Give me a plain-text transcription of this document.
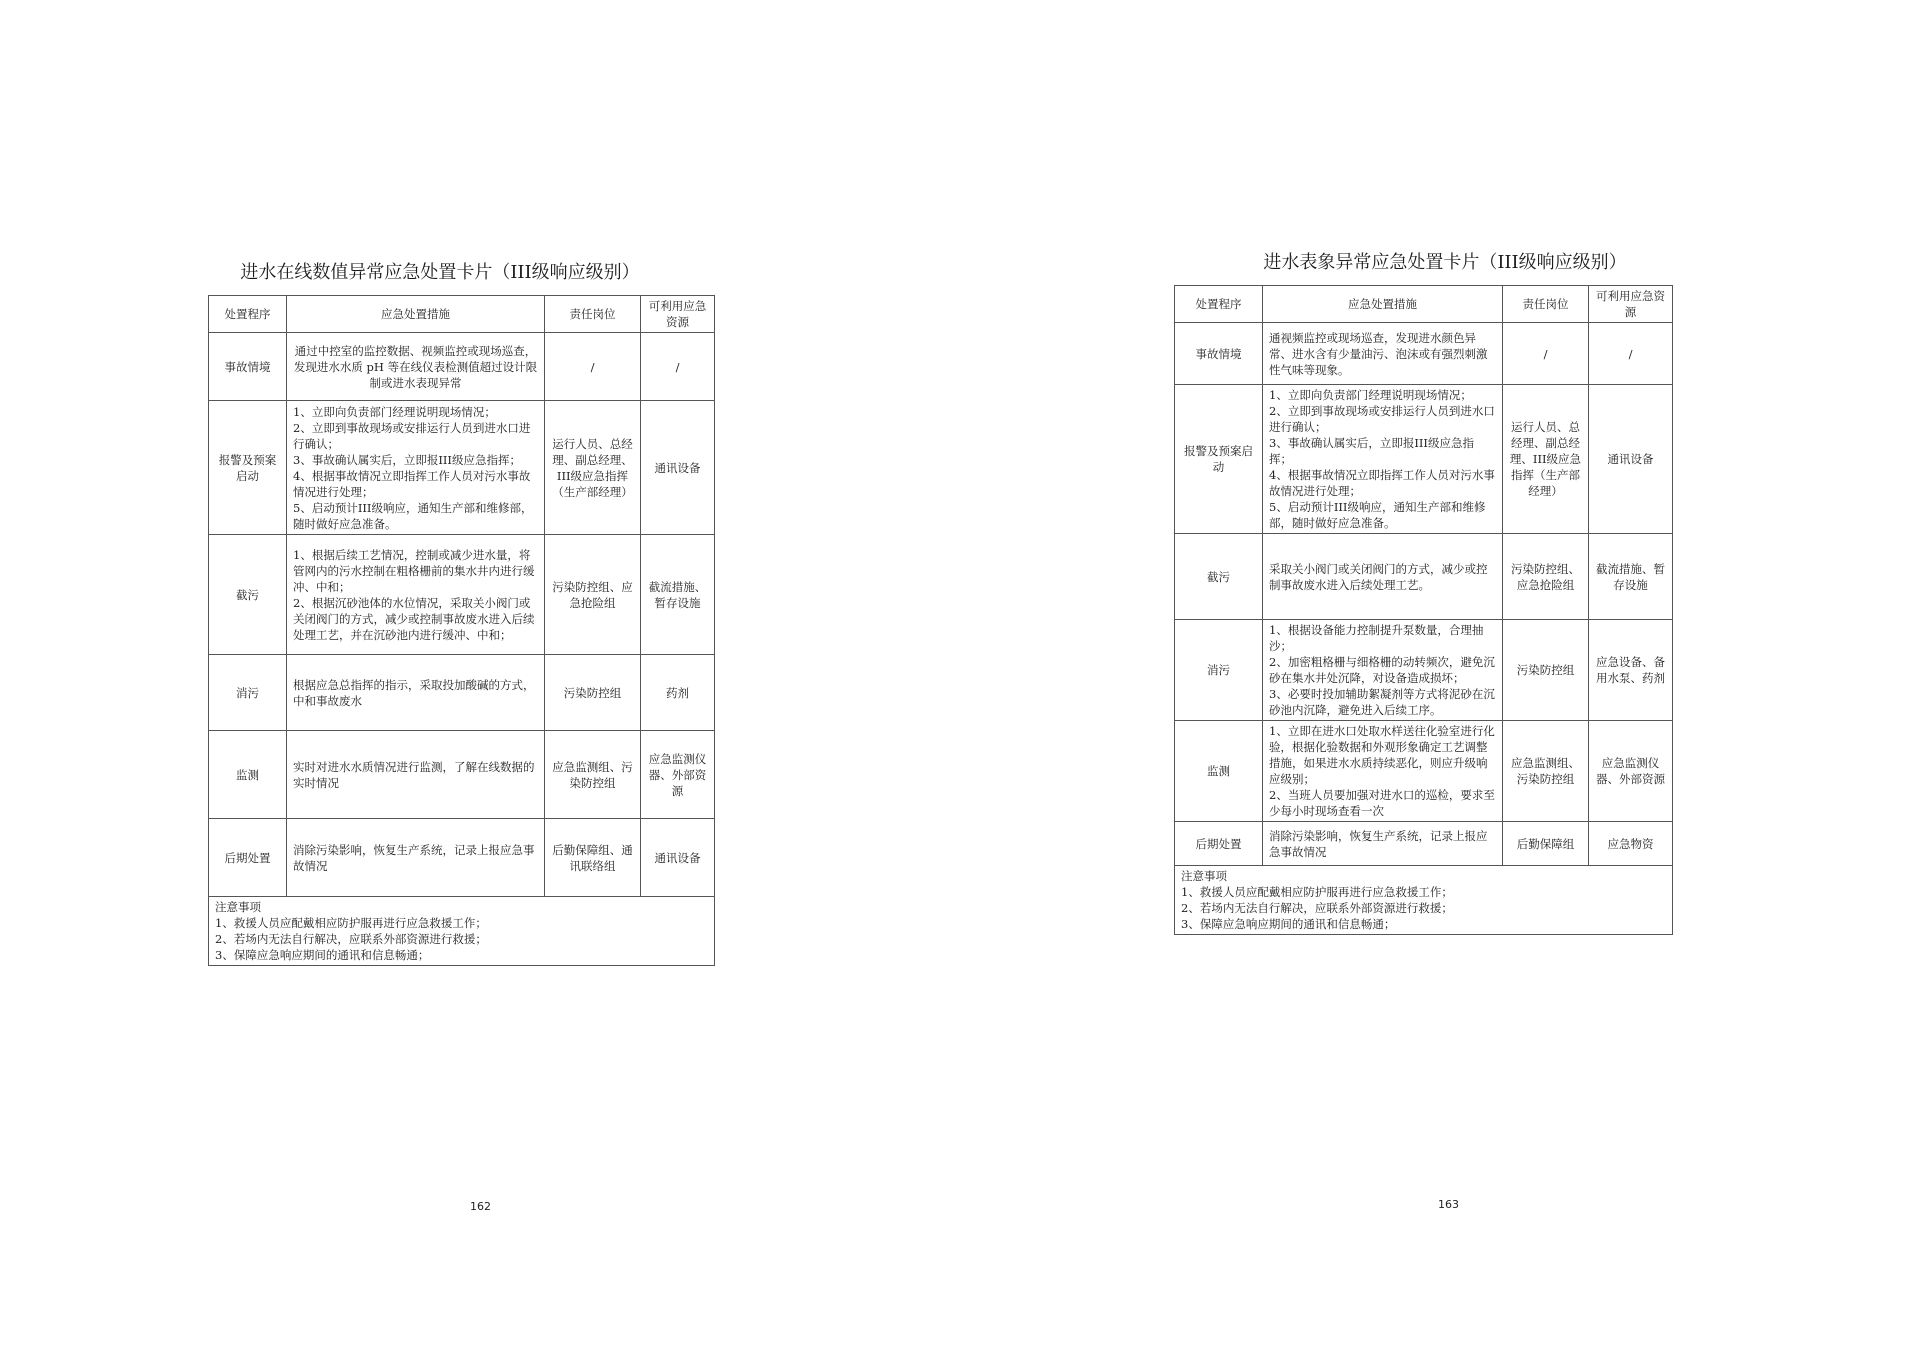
进水在线数值异常应急处置卡片（III级响应级别）
处置程序	应急处置措施	责任岗位	可利用应急资源
事故情境	通过中控室的监控数据、视频监控或现场巡查，发现进水水质 pH 等在线仪表检测值超过设计限制或进水表现异常	/	/
报警及预案启动	1、立即向负责部门经理说明现场情况；
2、立即到事故现场或安排运行人员到进水口进行确认；
3、事故确认属实后，立即报III级应急指挥；
4、根据事故情况立即指挥工作人员对污水事故情况进行处理；
5、启动预计III级响应，通知生产部和维修部，随时做好应急准备。	运行人员、总经理、副总经理、III级应急指挥（生产部经理）	通讯设备
截污	1、根据后续工艺情况，控制或减少进水量，将管网内的污水控制在粗格栅前的集水井内进行缓冲、中和；
2、根据沉砂池体的水位情况，采取关小阀门或关闭阀门的方式，减少或控制事故废水进入后续处理工艺，并在沉砂池内进行缓冲、中和；	污染防控组、应急抢险组	截流措施、暂存设施
消污	根据应急总指挥的指示，采取投加酸碱的方式，中和事故废水	污染防控组	药剂
监测	实时对进水水质情况进行监测，了解在线数据的实时情况	应急监测组、污染防控组	应急监测仪器、外部资源
后期处置	消除污染影响，恢复生产系统，记录上报应急事故情况	后勤保障组、通讯联络组	通讯设备

注意事项
1、救援人员应配戴相应防护服再进行应急救援工作；
2、若场内无法自行解决，应联系外部资源进行救援；
3、保障应急响应期间的通讯和信息畅通；			
162
进水表象异常应急处置卡片（III级响应级别）
处置程序	应急处置措施	责任岗位	可利用应急资源
事故情境	通视频监控或现场巡查，发现进水颜色异常、进水含有少量油污、泡沫或有强烈刺激性气味等现象。	/	/
报警及预案启动	1、立即向负责部门经理说明现场情况；
2、立即到事故现场或安排运行人员到进水口进行确认；
3、事故确认属实后，立即报III级应急指挥；
4、根据事故情况立即指挥工作人员对污水事故情况进行处理；
5、启动预计III级响应，通知生产部和维修部，随时做好应急准备。	运行人员、总经理、副总经理、III级应急指挥（生产部经理）	通讯设备
截污	采取关小阀门或关闭阀门的方式，减少或控制事故废水进入后续处理工艺。	污染防控组、应急抢险组	截流措施、暂存设施
消污	1、根据设备能力控制提升泵数量，合理抽沙；
2、加密粗格栅与细格栅的动转频次，避免沉砂在集水井处沉降，对设备造成损坏；
3、必要时投加辅助絮凝剂等方式将泥砂在沉砂池内沉降，避免进入后续工序。	污染防控组	应急设备、备用水泵、药剂
监测	1、立即在进水口处取水样送往化验室进行化验，根据化验数据和外观形象确定工艺调整措施，如果进水水质持续恶化，则应升级响应级别；
2、当班人员要加强对进水口的巡检，要求至少每小时现场查看一次	应急监测组、污染防控组	应急监测仪器、外部资源
后期处置	消除污染影响，恢复生产系统，记录上报应急事故情况	后勤保障组	应急物资

注意事项
1、救援人员应配戴相应防护服再进行应急救援工作；
2、若场内无法自行解决，应联系外部资源进行救援；
3、保障应急响应期间的通讯和信息畅通；			
163
